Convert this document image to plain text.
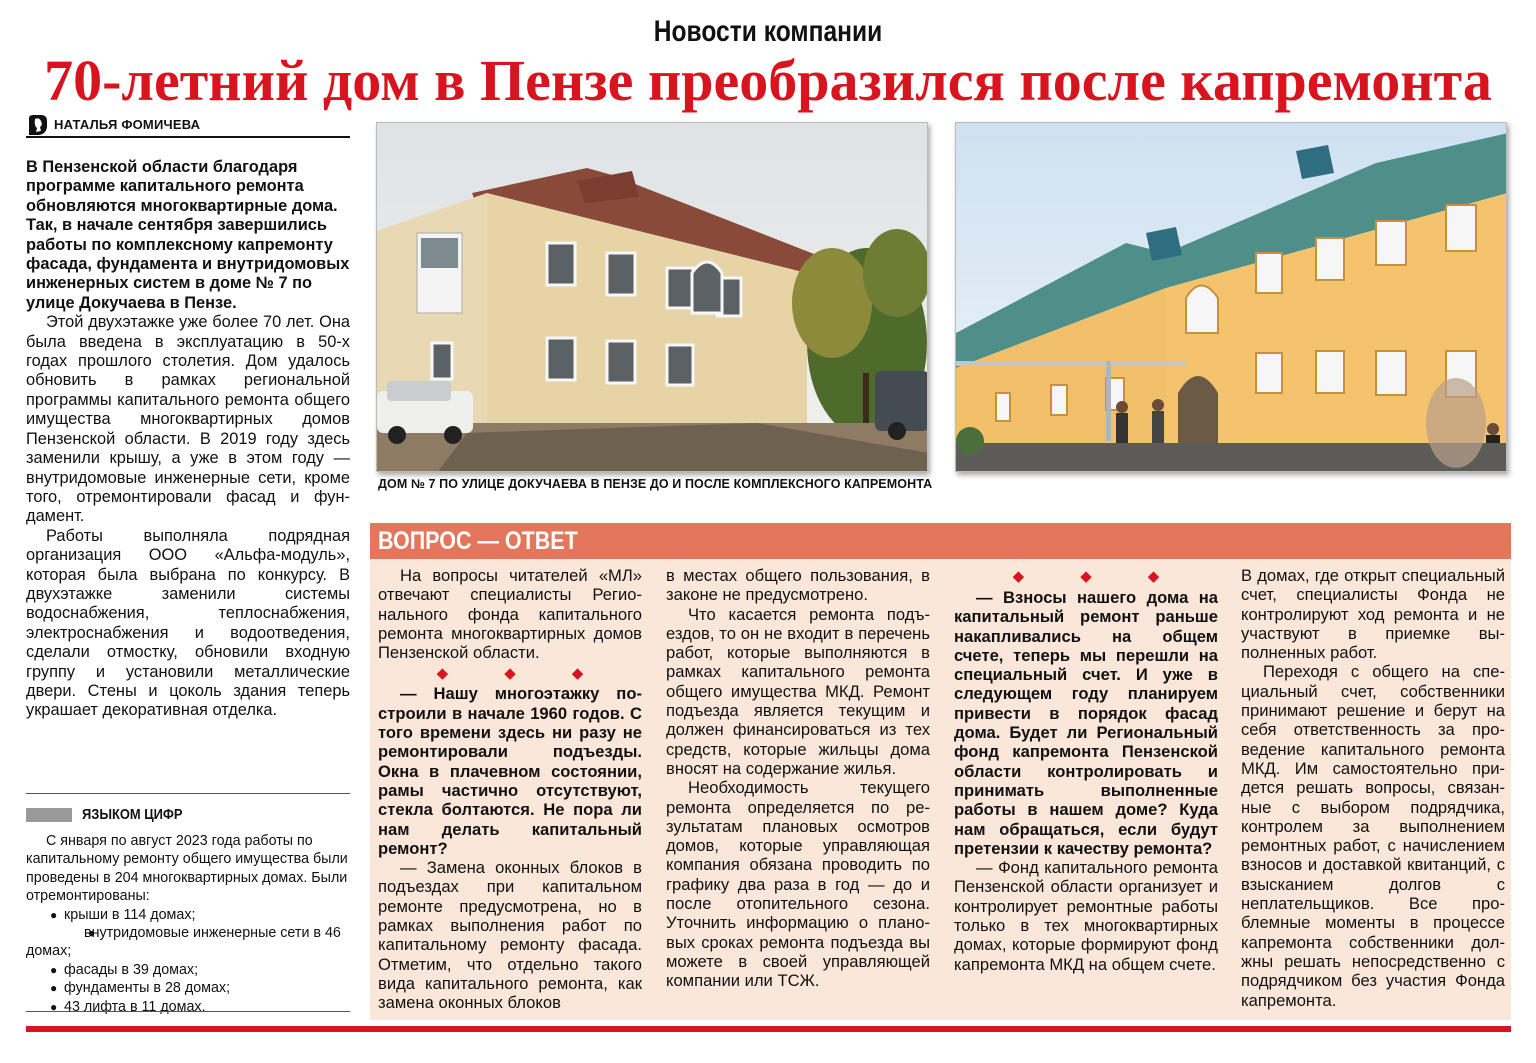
Новости компании
70-летний дом в Пензе преобразился после капремонта
НАТАЛЬЯ ФОМИЧЕВА

В Пензенской области благодаря программе капитального ремонта обновляются многоквартирные дома. Так, в начале сентября завершились работы по комплексному капремонту фасада, фундамента и внутридомовых инженерных систем в доме № 7 по улице Докучаева в Пензе.

Этой двухэтажке уже более 70 лет. Она была введена в эксплуатацию в 50-х годах прошлого столетия. Дом удалось обновить в рамках региональной программы капитального ремонта общего имущества многоквартирных домов Пензенской области. В 2019 году здесь заменили крышу, а уже в этом году — внутридомовые инженерные сети, кроме того, отремонтировали фасад и фундамент.

Работы выполняла подрядная организация ООО «Альфа-модуль», которая была выбрана по конкурсу. В двухэтажке заменили системы водоснабжения, теплоснабжения, электроснабжения и водоотведения, сделали отмостку, обновили входную группу и установили металлические двери. Стены и цоколь здания теперь украшает декоративная отделка.

ЯЗЫКОМ ЦИФР

С января по август 2023 года работы по капитальному ремонту общего имущества были проведены в 204 многоквартирных домах. Были отремонтированы:

● крыши в 114 домах;
● внутридомовые инженерные сети в 46 домах;
● фасады в 39 домах;
● фундаменты в 28 домах;
● 43 лифта в 11 домах.
ДОМ № 7 ПО УЛИЦЕ ДОКУЧАЕВА В ПЕНЗЕ ДО И ПОСЛЕ КОМПЛЕКСНОГО КАПРЕМОНТА
ВОПРОС — ОТВЕТ

На вопросы читателей «МЛ» отвечают специалисты Регионального фонда капитального ремонта многоквартирных домов Пензенской области.

◆	◆	◆

— Нашу многоэтажку построили в начале 1960 годов. С того времени здесь ни разу не ремонтировали подъезды. Окна в плачевном состоянии, рамы частично отсутствуют, стекла болтаются. Не пора ли нам делать капитальный ремонт?

— Замена оконных блоков в подъездах при капитальном ремонте предусмотрена, но в рамках выполнения работ по капитальному ремонту фасада. Отметим, что отдельно такого вида капитального ремонта, как замена оконных блоков

в местах общего пользования, в законе не предусмотрено.

Что касается ремонта подъездов, то он не входит в перечень работ, которые выполняются в рамках капитального ремонта общего имущества МКД. Ремонт подъезда является текущим и должен финансироваться из тех средств, которые жильцы дома вносят на содержание жилья.

Необходимость текущего ремонта определяется по результатам плановых осмотров домов, которые управляющая компания обязана проводить по графику два раза в год — до и после отопительного сезона. Уточнить информацию о плановых сроках ремонта подъезда вы можете в своей управляющей компании или ТСЖ.

◆	◆	◆

— Взносы нашего дома на капитальный ремонт раньше накапливались на общем счете, теперь мы перешли на специальный счет. И уже в следующем году планируем привести в порядок фасад дома. Будет ли Региональный фонд капремонта Пензенской области контролировать и принимать выполненные работы в нашем доме? Куда нам обращаться, если будут претензии к качеству ремонта?

— Фонд капитального ремонта Пензенской области организует и контролирует ремонтные работы только в тех многоквартирных домах, которые формируют фонд капремонта МКД на общем счете.

В домах, где открыт специальный счет, специалисты Фонда не контролируют ход ремонта и не участвуют в приемке выполненных работ.

Переходя с общего на специальный счет, собственники принимают решение и берут на себя ответственность за проведение капитального ремонта МКД. Им самостоятельно придется решать вопросы, связанные с выбором подрядчика, контролем за выполнением ремонтных работ, с начислением взносов и доставкой квитанций, с взысканием долгов с неплательщиков. Все проблемные моменты в процессе капремонта собственники должны решать непосредственно с подрядчиком без участия Фонда капремонта.
